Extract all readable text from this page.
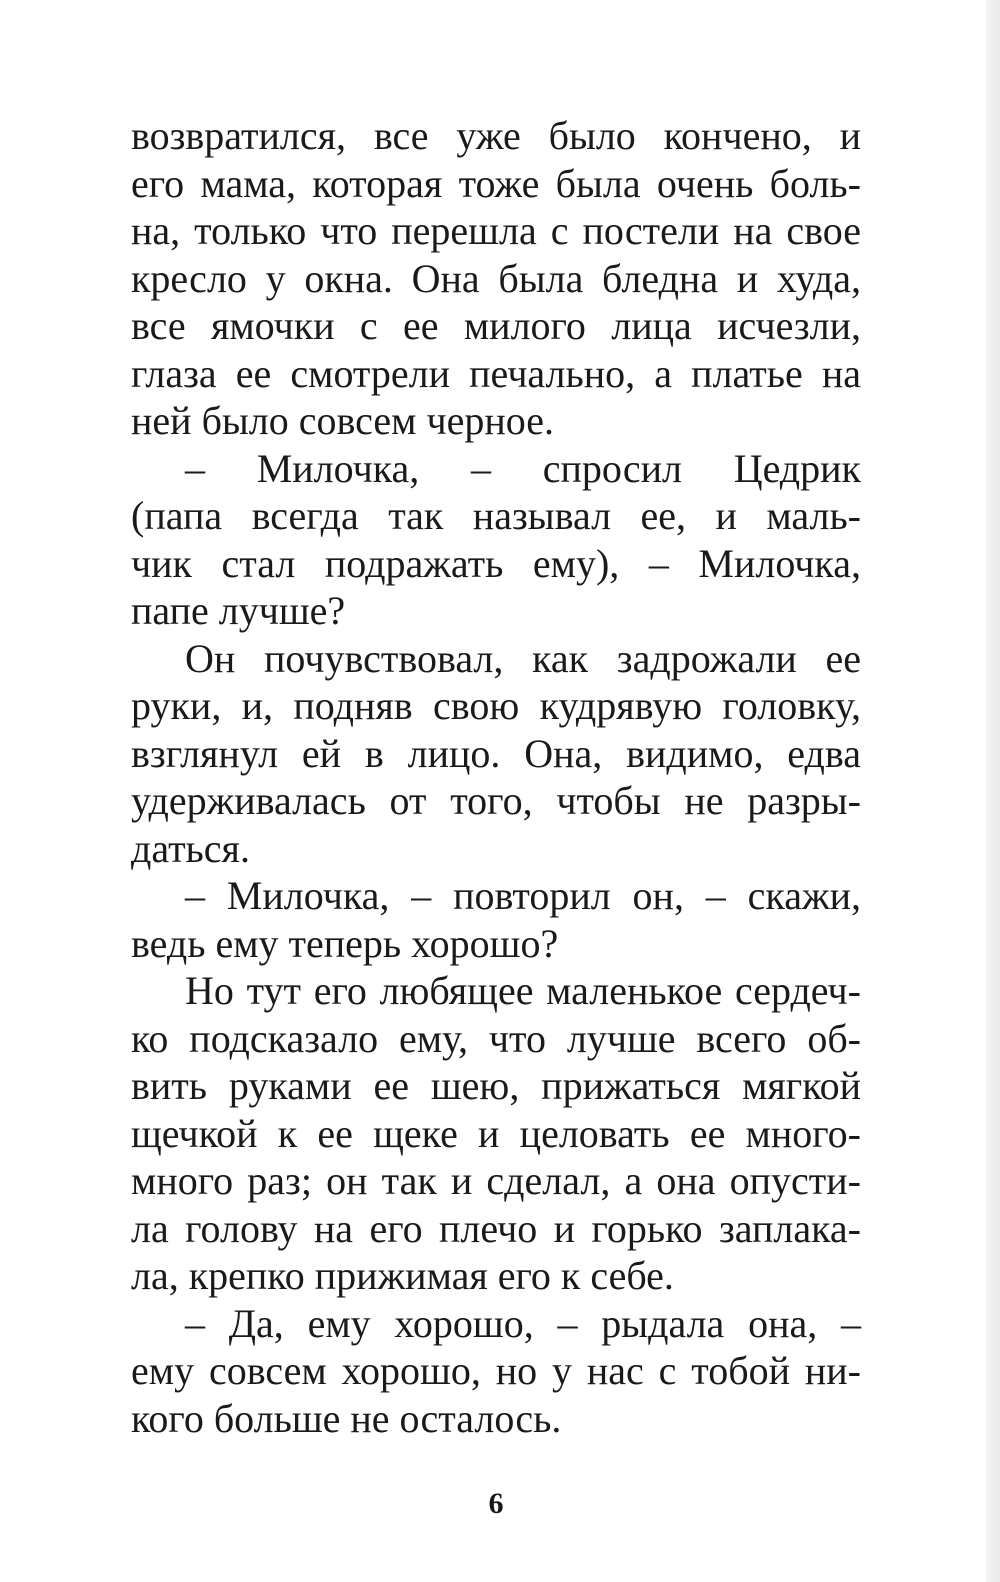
возвратился, все уже было кончено, и
его мама, которая тоже была очень боль-
на, только что перешла с постели на свое
кресло у окна. Она была бледна и худа,
все ямочки с ее милого лица исчезли,
глаза ее смотрели печально, а платье на
ней было совсем черное.
– Милочка, – спросил Цедрик
(папа всегда так называл ее, и маль-
чик стал подражать ему), – Милочка,
папе лучше?
Он почувствовал, как задрожали ее
руки, и, подняв свою кудрявую головку,
взглянул ей в лицо. Она, видимо, едва
удерживалась от того, чтобы не разры-
даться.
– Милочка, – повторил он, – скажи,
ведь ему теперь хорошо?
Но тут его любящее маленькое сердеч-
ко подсказало ему, что лучше всего об-
вить руками ее шею, прижаться мягкой
щечкой к ее щеке и целовать ее много-
много раз; он так и сделал, а она опусти-
ла голову на его плечо и горько заплака-
ла, крепко прижимая его к себе.
– Да, ему хорошо, – рыдала она, –
ему совсем хорошо, но у нас с тобой ни-
кого больше не осталось.
6
